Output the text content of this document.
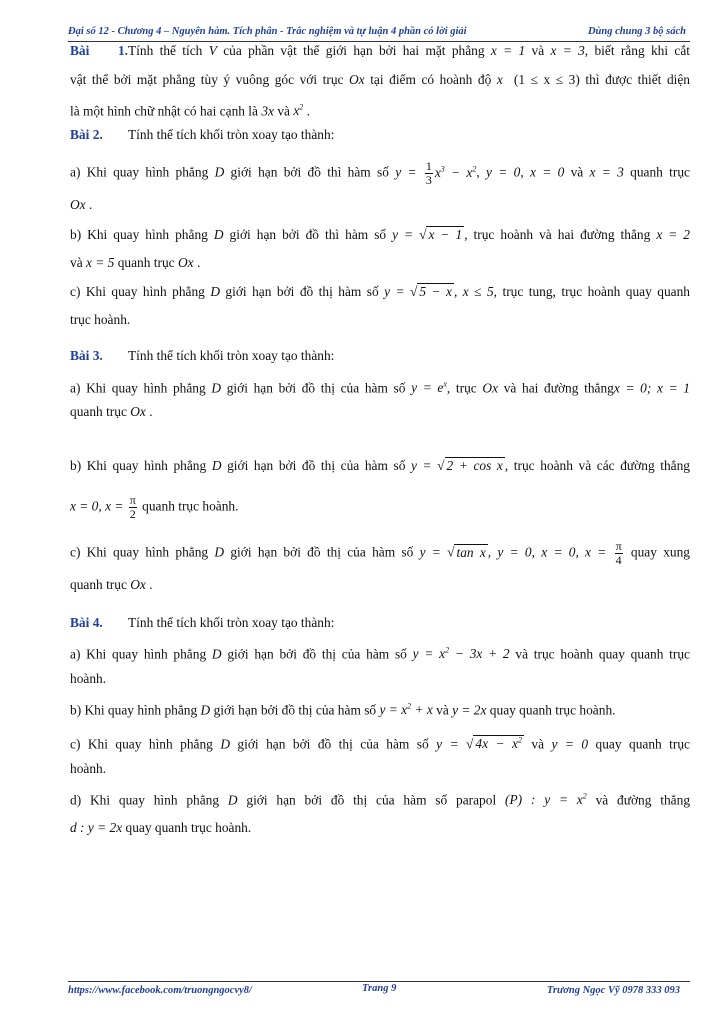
Đại số 12 - Chương 4 – Nguyên hàm. Tích phân - Trắc nghiệm và tự luận 4 phần có lời giải	Dùng chung 3 bộ sách
Bài 1.Tính thể tích V của phần vật thể giới hạn bởi hai mặt phẳng x = 1 và x = 3, biết rằng khi cắt
vật thể bởi mặt phẳng tùy ý vuông góc với trục Ox tại điểm có hoành độ x (1 ≤ x ≤ 3) thì được thiết diện
là một hình chữ nhật có hai cạnh là 3x và $x^2$ .
Bài 2. Tính thể tích khối tròn xoay tạo thành:
a) Khi quay hình phẳng D giới hạn bởi đồ thì hàm số $y = \frac{1}{3} x^3 - x^2$, y = 0, x = 0 và x = 3 quanh trục
Ox .
b) Khi quay hình phẳng D giới hạn bởi đồ thì hàm số y = √ x − 1 , trục hoành và hai đường thẳng x = 2
và x = 5 quanh trục Ox .
c) Khi quay hình phẳng D giới hạn bởi đồ thị hàm số y = √ 5 − x , x ≤ 5, trục tung, trục hoành quay quanh
trục hoành.
Bài 3. Tính thể tích khối tròn xoay tạo thành:
a) Khi quay hình phẳng D giới hạn bởi đồ thị của hàm số $y = e^x$, trục Ox và hai đường thẳngx = 0; x = 1
quanh trục Ox .
b) Khi quay hình phẳng D giới hạn bởi đồ thị của hàm số y = √ 2 + cos x , trục hoành và các đường thẳng
x = 0, $x = \frac{\pi}{2}$ quanh trục hoành.
c) Khi quay hình phẳng D giới hạn bởi đồ thị của hàm số y = √ tan x , y = 0, x = 0, $x = \frac{\pi}{4}$ quay xung
quanh trục Ox .
Bài 4. Tính thể tích khối tròn xoay tạo thành:
a) Khi quay hình phẳng D giới hạn bởi đồ thị của hàm số $y = x^2 - 3x + 2$ và trục hoành quay quanh trục
hoành.
b) Khi quay hình phẳng D giới hạn bởi đồ thị của hàm số $y = x^2 + x$ và y = 2x quay quanh trục hoành.
c) Khi quay hình phẳng D giới hạn bởi đồ thị của hàm số y = √ $4x - x^2$ và y = 0 quay quanh trục
hoành.
d) Khi quay hình phẳng D giới hạn bởi đồ thị của hàm số parapol (P) : $y = x^2$ và đường thẳng
d : y = 2x quay quanh trục hoành.
https://www.facebook.com/truongngocvy8/	Trang 9	Trương Ngọc Vỹ 0978 333 093
